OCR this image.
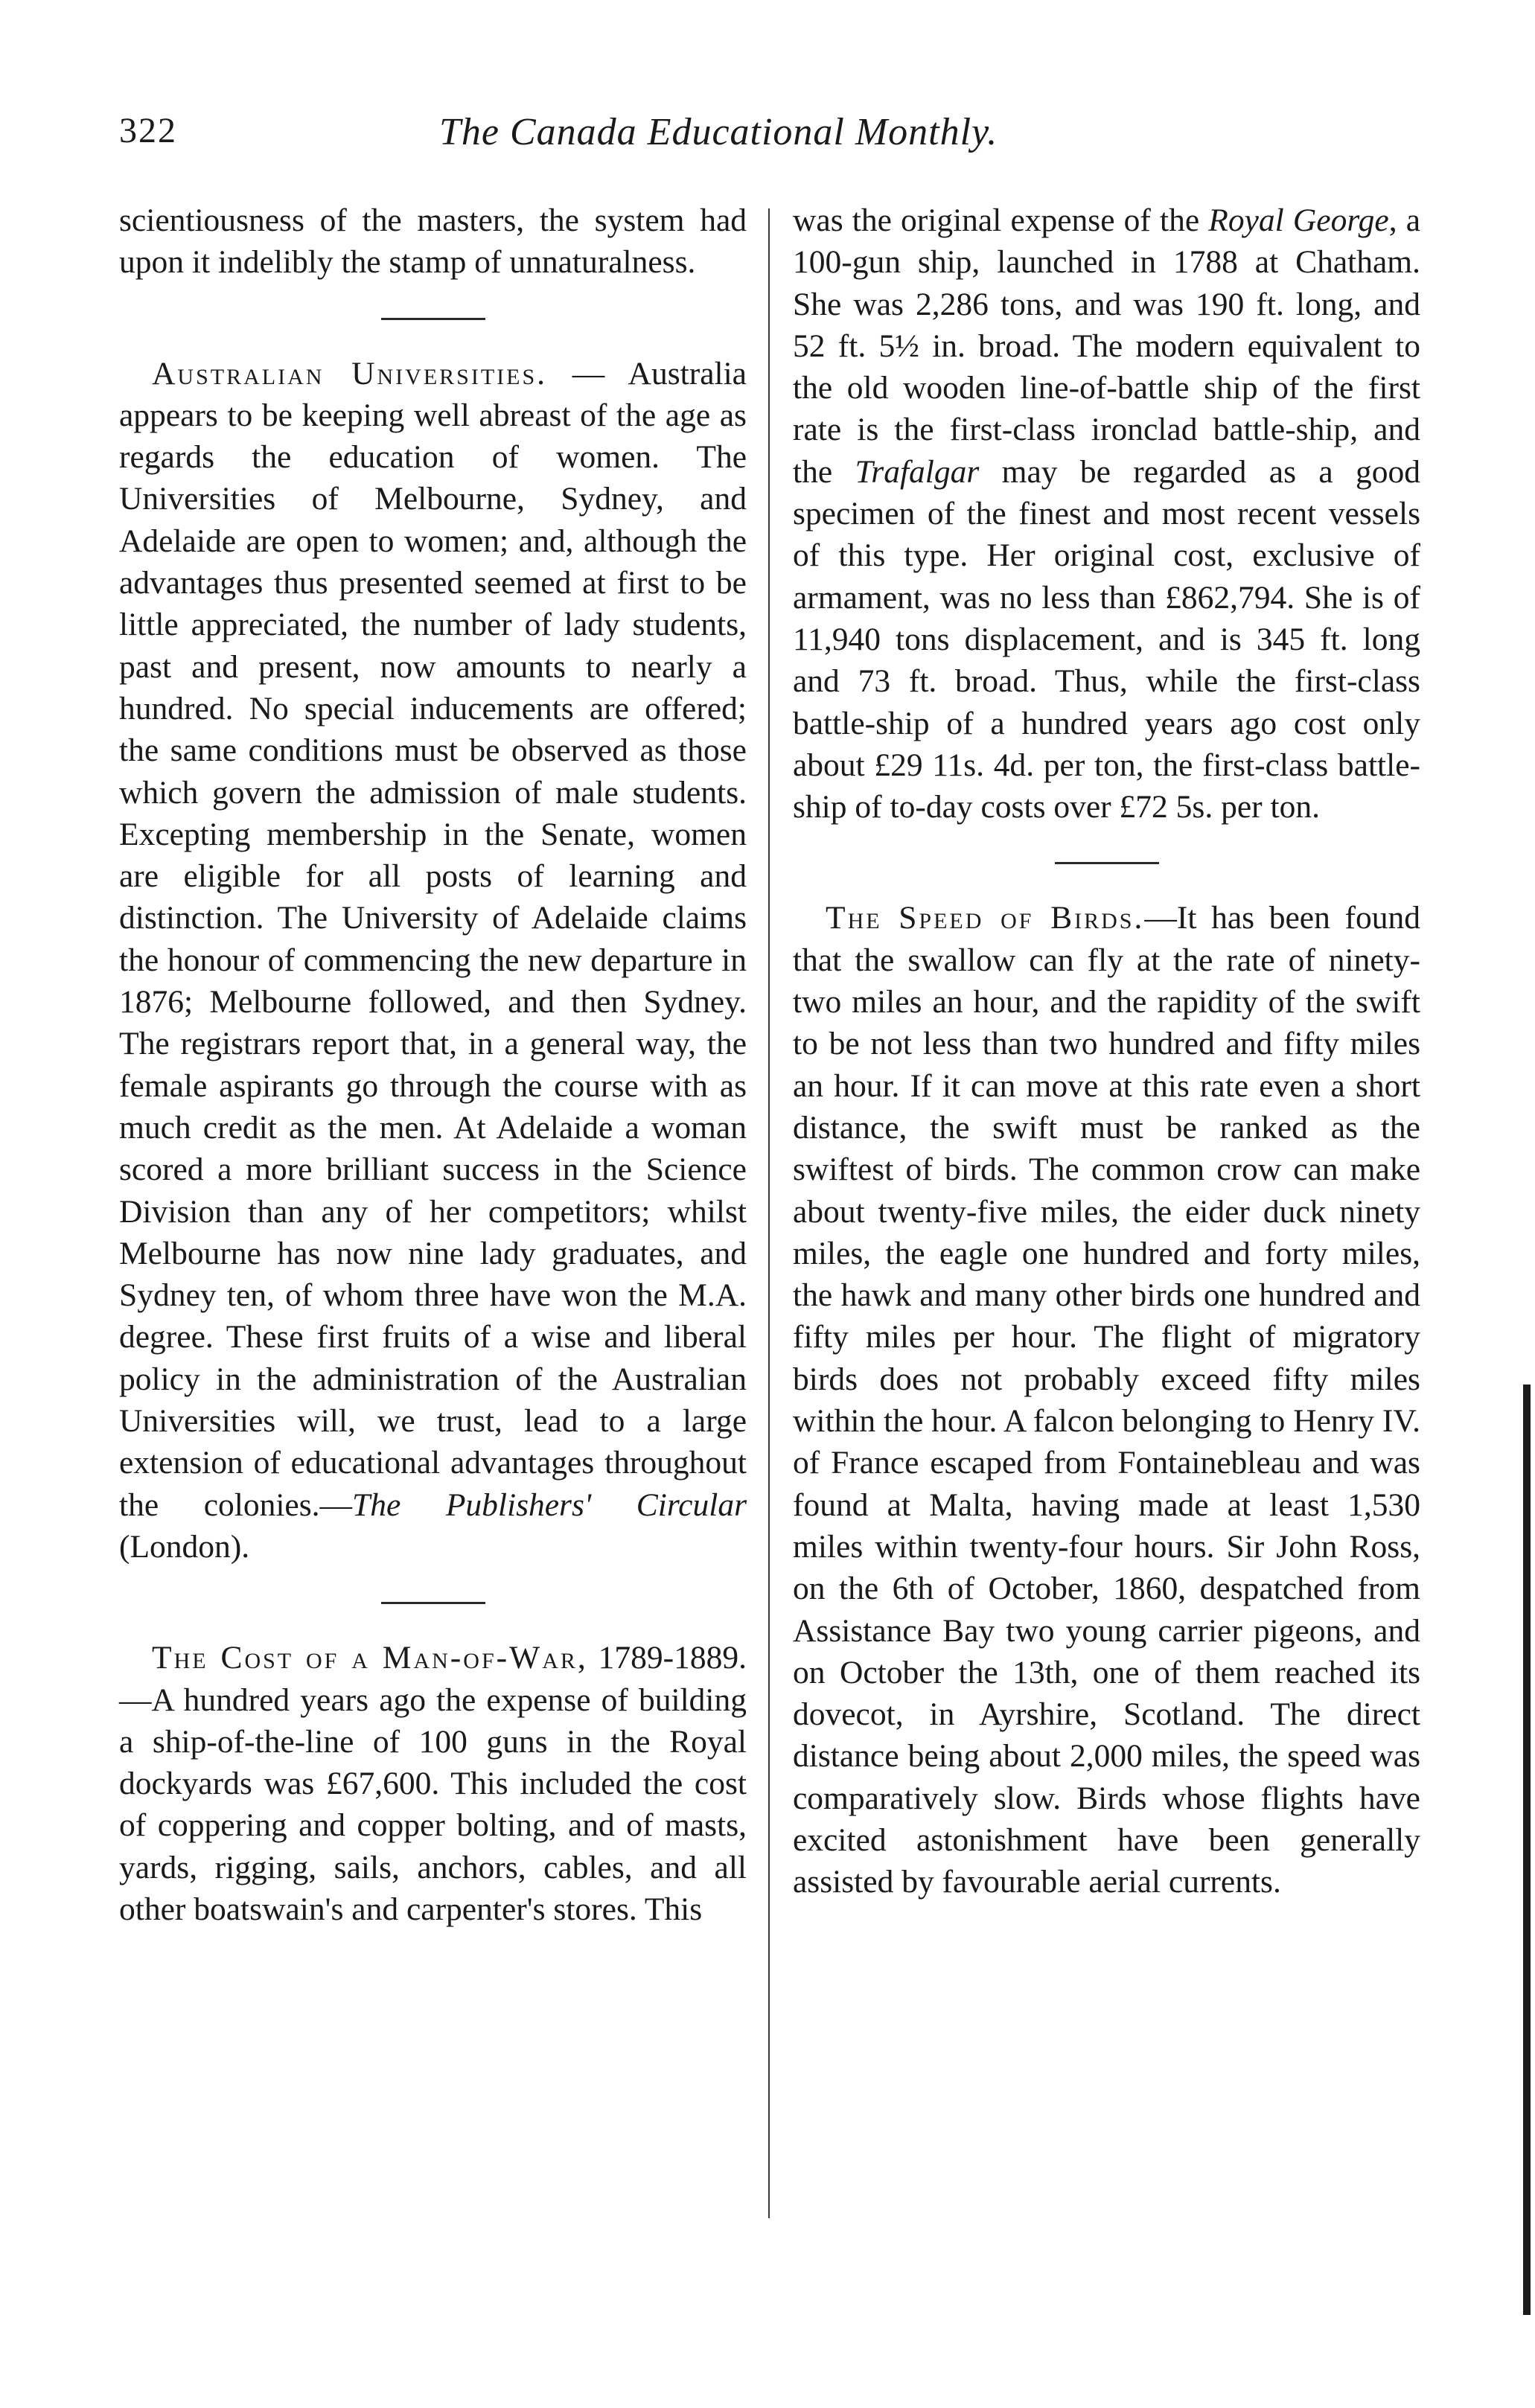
322	The Canada Educational Monthly.

scientiousness of the masters, the system had upon it indelibly the stamp of unnaturalness.

Australian Universities. — Australia appears to be keeping well abreast of the age as regards the education of women. The Universities of Melbourne, Sydney, and Adelaide are open to women; and, although the advantages thus presented seemed at first to be little appreciated, the number of lady students, past and present, now amounts to nearly a hundred. No special inducements are offered; the same conditions must be observed as those which govern the admission of male students. Excepting membership in the Senate, women are eligible for all posts of learning and distinction. The University of Adelaide claims the honour of commencing the new departure in 1876; Melbourne followed, and then Sydney. The registrars report that, in a general way, the female aspirants go through the course with as much credit as the men. At Adelaide a woman scored a more brilliant success in the Science Division than any of her competitors; whilst Melbourne has now nine lady graduates, and Sydney ten, of whom three have won the M.A. degree. These first fruits of a wise and liberal policy in the administration of the Australian Universities will, we trust, lead to a large extension of educational advantages throughout the colonies.—The Publishers' Circular (London).

The Cost of a Man-of-War, 1789-1889.—A hundred years ago the expense of building a ship-of-the-line of 100 guns in the Royal dockyards was £67,600. This included the cost of coppering and copper bolting, and of masts, yards, rigging, sails, anchors, cables, and all other boatswain's and carpenter's stores. This

was the original expense of the Royal George, a 100-gun ship, launched in 1788 at Chatham. She was 2,286 tons, and was 190 ft. long, and 52 ft. 5½ in. broad. The modern equivalent to the old wooden line-of-battle ship of the first rate is the first-class ironclad battle-ship, and the Trafalgar may be regarded as a good specimen of the finest and most recent vessels of this type. Her original cost, exclusive of armament, was no less than £862,794. She is of 11,940 tons displacement, and is 345 ft. long and 73 ft. broad. Thus, while the first-class battle-ship of a hundred years ago cost only about £29 11s. 4d. per ton, the first-class battle-ship of to-day costs over £72 5s. per ton.

The Speed of Birds.—It has been found that the swallow can fly at the rate of ninety-two miles an hour, and the rapidity of the swift to be not less than two hundred and fifty miles an hour. If it can move at this rate even a short distance, the swift must be ranked as the swiftest of birds. The common crow can make about twenty-five miles, the eider duck ninety miles, the eagle one hundred and forty miles, the hawk and many other birds one hundred and fifty miles per hour. The flight of migratory birds does not probably exceed fifty miles within the hour. A falcon belonging to Henry IV. of France escaped from Fontainebleau and was found at Malta, having made at least 1,530 miles within twenty-four hours. Sir John Ross, on the 6th of October, 1860, despatched from Assistance Bay two young carrier pigeons, and on October the 13th, one of them reached its dovecot, in Ayrshire, Scotland. The direct distance being about 2,000 miles, the speed was comparatively slow. Birds whose flights have excited astonishment have been generally assisted by favourable aerial currents.
